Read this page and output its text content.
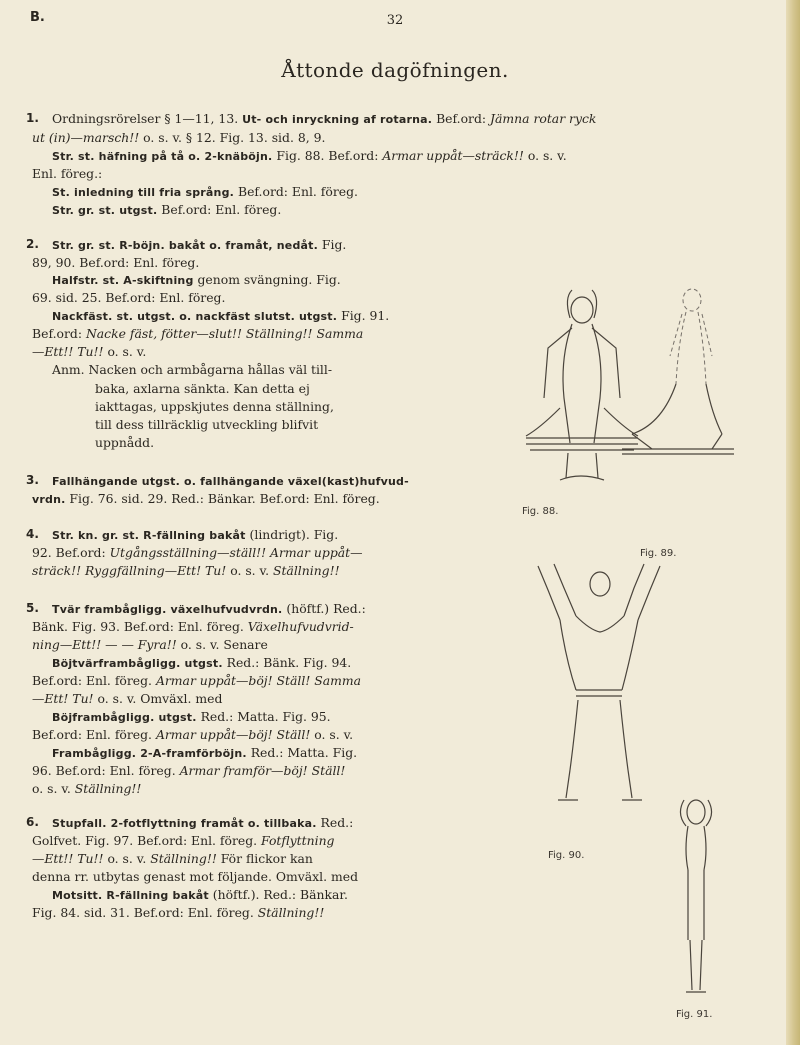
B.	32
Åttonde dagöfningen.
1. Ordningsrörelser § 1—11, 13. Ut- och inryckning af rotarna. Bef.ord: Jämna rotar ryck
ut (in)—marsch!! o. s. v. § 12. Fig. 13. sid. 8, 9.
Str. st. häfning på tå o. 2-knäböjn. Fig. 88. Bef.ord: Armar uppåt—sträck!! o. s. v.
Enl. föreg.:
St. inledning till fria språng. Bef.ord: Enl. föreg.
Str. gr. st. utgst. Bef.ord: Enl. föreg.
2. Str. gr. st. R-böjn. bakåt o. framåt, nedåt. Fig.
89, 90. Bef.ord: Enl. föreg.
Halfstr. st. A-skiftning genom svängning. Fig.
69. sid. 25. Bef.ord: Enl. föreg.
Nackfäst. st. utgst. o. nackfäst slutst. utgst. Fig. 91.
Bef.ord: Nacke fäst, fötter—slut!! Ställning!! Samma
—Ett!! Tu!! o. s. v.
Anm. Nacken och armbågarna hållas väl till-
baka, axlarna sänkta. Kan detta ej
iakttagas, uppskjutes denna ställning,
till dess tillräcklig utveckling blifvit
uppnådd.
3. Fallhängande utgst. o. fallhängande växel(kast)hufvud-
vrdn. Fig. 76. sid. 29. Red.: Bänkar. Bef.ord: Enl. föreg.
4. Str. kn. gr. st. R-fällning bakåt (lindrigt). Fig.
92. Bef.ord: Utgångsställning—ställ!! Armar uppåt—
sträck!! Ryggfällning—Ett! Tu! o. s. v. Ställning!!
5. Tvär frambågligg. växelhufvudvrdn. (höftf.) Red.:
Bänk. Fig. 93. Bef.ord: Enl. föreg. Växelhufvudvrid-
ning—Ett!! — — Fyra!! o. s. v. Senare
Böjtvärframbågligg. utgst. Red.: Bänk. Fig. 94.
Bef.ord: Enl. föreg. Armar uppåt—böj! Ställ! Samma
—Ett! Tu! o. s. v. Omväxl. med
Böjframbågligg. utgst. Red.: Matta. Fig. 95.
Bef.ord: Enl. föreg. Armar uppåt—böj! Ställ! o. s. v.
Frambågligg. 2-A-framförböjn. Red.: Matta. Fig.
96. Bef.ord: Enl. föreg. Armar framför—böj! Ställ!
o. s. v. Ställning!!
6. Stupfall. 2-fotflyttning framåt o. tillbaka. Red.:
Golfvet. Fig. 97. Bef.ord: Enl. föreg. Fotflyttning
—Ett!! Tu!! o. s. v. Ställning!! För flickor kan
denna rr. utbytas genast mot följande. Omväxl. med
Motsitt. R-fällning bakåt (höftf.). Red.: Bänkar.
Fig. 84. sid. 31. Bef.ord: Enl. föreg. Ställning!!
Fig. 88.
Fig. 89.
Fig. 90.
Fig. 91.
